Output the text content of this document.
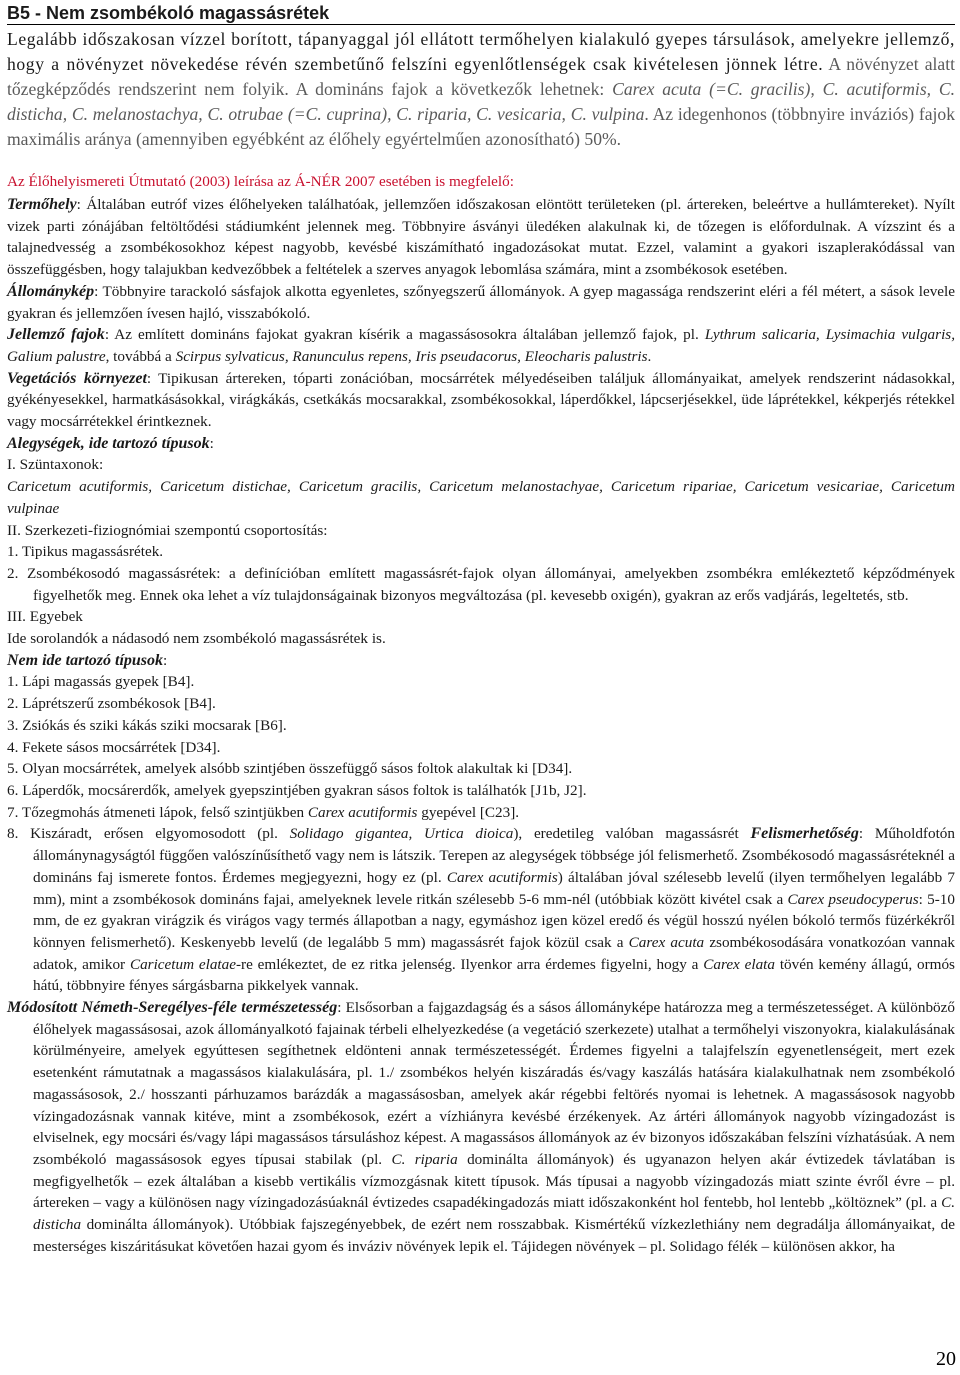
B5 - Nem zsombékoló magassásrétek

Legalább időszakosan vízzel borított, tápanyaggal jól ellátott termőhelyen kialakuló gyepes társulások, amelyekre jellemző, hogy a növényzet növekedése révén szembetűnő felszíni egyenlőtlenségek csak kivételesen jönnek létre. A növényzet alatt tőzegképződés rendszerint nem folyik. A domináns fajok a következők lehetnek: Carex acuta (=C. gracilis), C. acutiformis, C. disticha, C. melanostachya, C. otrubae (=C. cuprina), C. riparia, C. vesicaria, C. vulpina. Az idegenhonos (többnyire inváziós) fajok maximális aránya (amennyiben egyébként az élőhely egyértelműen azonosítható) 50%.

Az Élőhelyismereti Útmutató (2003) leírása az Á-NÉR 2007 esetében is megfelelő:

Termőhely: Általában eutróf vizes élőhelyeken találhatóak, jellemzően időszakosan elöntött területeken (pl. ártereken, beleértve a hullámtereket). Nyílt vizek parti zónájában feltöltődési stádiumként jelennek meg. Többnyire ásványi üledéken alakulnak ki, de tőzegen is előfordulnak. A vízszint és a talajnedvesség a zsombékosokhoz képest nagyobb, kevésbé kiszámítható ingadozásokat mutat. Ezzel, valamint a gyakori iszaplerakódással van összefüggésben, hogy talajukban kedvezőbbek a feltételek a szerves anyagok lebomlása számára, mint a zsombékosok esetében.

Állománykép: Többnyire tarackoló sásfajok alkotta egyenletes, szőnyegszerű állományok. A gyep magassága rendszerint eléri a fél métert, a sások levele gyakran és jellemzően ívesen hajló, visszabókoló.

Jellemző fajok: Az említett domináns fajokat gyakran kísérik a magassásosokra általában jellemző fajok, pl. Lythrum salicaria, Lysimachia vulgaris, Galium palustre, továbbá a Scirpus sylvaticus, Ranunculus repens, Iris pseudacorus, Eleocharis palustris.

Vegetációs környezet: Tipikusan ártereken, tóparti zonációban, mocsárrétek mélyedéseiben találjuk állományaikat, amelyek rendszerint nádasokkal, gyékényesekkel, harmatkásásokkal, virágkákás, csetkákás mocsarakkal, zsombékosokkal, láperdőkkel, lápcserjésekkel, üde láprétekkel, kékperjés rétekkel vagy mocsárrétekkel érintkeznek.

Alegységek, ide tartozó típusok:
I. Szüntaxonok:
Caricetum acutiformis, Caricetum distichae, Caricetum gracilis, Caricetum melanostachyae, Caricetum ripariae, Caricetum vesicariae, Caricetum vulpinae
II. Szerkezeti-fiziognómiai szempontú csoportosítás:
1. Tipikus magassásrétek.
2. Zsombékosodó magassásrétek: a definícióban említett magassásrét-fajok olyan állományai, amelyekben zsombékra emlékeztető képződmények figyelhetők meg. Ennek oka lehet a víz tulajdonságainak bizonyos megváltozása (pl. kevesebb oxigén), gyakran az erős vadjárás, legeltetés, stb.
III. Egyebek
Ide sorolandók a nádasodó nem zsombékoló magassásrétek is.

Nem ide tartozó típusok:
1. Lápi magassás gyepek [B4].
2. Láprétszerű zsombékosok [B4].
3. Zsiókás és sziki kákás sziki mocsarak [B6].
4. Fekete sásos mocsárrétek [D34].
5. Olyan mocsárrétek, amelyek alsóbb szintjében összefüggő sásos foltok alakultak ki [D34].
6. Láperdők, mocsárerdők, amelyek gyepszintjében gyakran sásos foltok is találhatók [J1b, J2].
7. Tőzegmohás átmeneti lápok, felső szintjükben Carex acutiformis gyepével [C23].
8. Kiszáradt, erősen elgyomosodott (pl. Solidago gigantea, Urtica dioica), eredetileg valóban magassásrét Felismerhetőség: Műholdfotón állománynagyságtól függően valószínűsíthető vagy nem is látszik. Terepen az alegységek többsége jól felismerhető. Zsombékosodó magassásréteknél a domináns faj ismerete fontos. Érdemes megjegyezni, hogy ez (pl. Carex acutiformis) általában jóval szélesebb levelű (ilyen termőhelyen legalább 7 mm), mint a zsombékosok domináns fajai, amelyeknek levele ritkán szélesebb 5-6 mm-nél (utóbbiak között kivétel csak a Carex pseudocyperus: 5-10 mm, de ez gyakran virágzik és virágos vagy termés állapotban a nagy, egymáshoz igen közel eredő és végül hosszú nyélen bókoló termős füzérkékről könnyen felismerhető). Keskenyebb levelű (de legalább 5 mm) magassásrét fajok közül csak a Carex acuta zsombékosodására vonatkozóan vannak adatok, amikor Caricetum elatae-re emlékeztet, de ez ritka jelenség. Ilyenkor arra érdemes figyelni, hogy a Carex elata tövén kemény állagú, ormós hátú, többnyire fényes sárgásbarna pikkelyek vannak.

Módosított Németh-Seregélyes-féle természetesség: Elsősorban a fajgazdagság és a sásos állományképe határozza meg a természetességet. A különböző élőhelyek magassásosai, azok állományalkotó fajainak térbeli elhelyezkedése (a vegetáció szerkezete) utalhat a termőhelyi viszonyokra, kialakulásának körülményeire, amelyek egyúttesen segíthetnek eldönteni annak természetességét. Érdemes figyelni a talajfelszín egyenetlenségeit, mert ezek esetenként rámutatnak a magassásos kialakulására, pl. 1./ zsombékos helyén kiszáradás és/vagy kaszálás hatására kialakulhatnak nem zsombékoló magassásosok, 2./ hosszanti párhuzamos barázdák a magassásosban, amelyek akár régebbi feltörés nyomai is lehetnek. A magassásosok nagyobb vízingadozásnak vannak kitéve, mint a zsombékosok, ezért a vízhiányra kevésbé érzékenyek. Az ártéri állományok nagyobb vízingadozást is elviselnek, egy mocsári és/vagy lápi magassásos társuláshoz képest. A magassásos állományok az év bizonyos időszakában felszíni vízhatásúak. A nem zsombékoló magassásosok egyes típusai stabilak (pl. C. riparia dominálta állományok) és ugyanazon helyen akár évtizedek távlatában is megfigyelhetők – ezek általában a kisebb vertikális vízmozgásnak kitett típusok. Más típusai a nagyobb vízingadozás miatt szinte évről évre – pl. ártereken – vagy a különösen nagy vízingadozásúaknál évtizedes csapadékingadozás miatt időszakonként hol fentebb, hol lentebb „költöznek” (pl. a C. disticha dominálta állományok). Utóbbiak fajszegényebbek, de ezért nem rosszabbak. Kismértékű vízkezlethiány nem degradálja állományaikat, de mesterséges kiszáritásukat követően hazai gyom és inváziv növények lepik el. Tájidegen növények – pl. Solidago félék – különösen akkor, ha

20
